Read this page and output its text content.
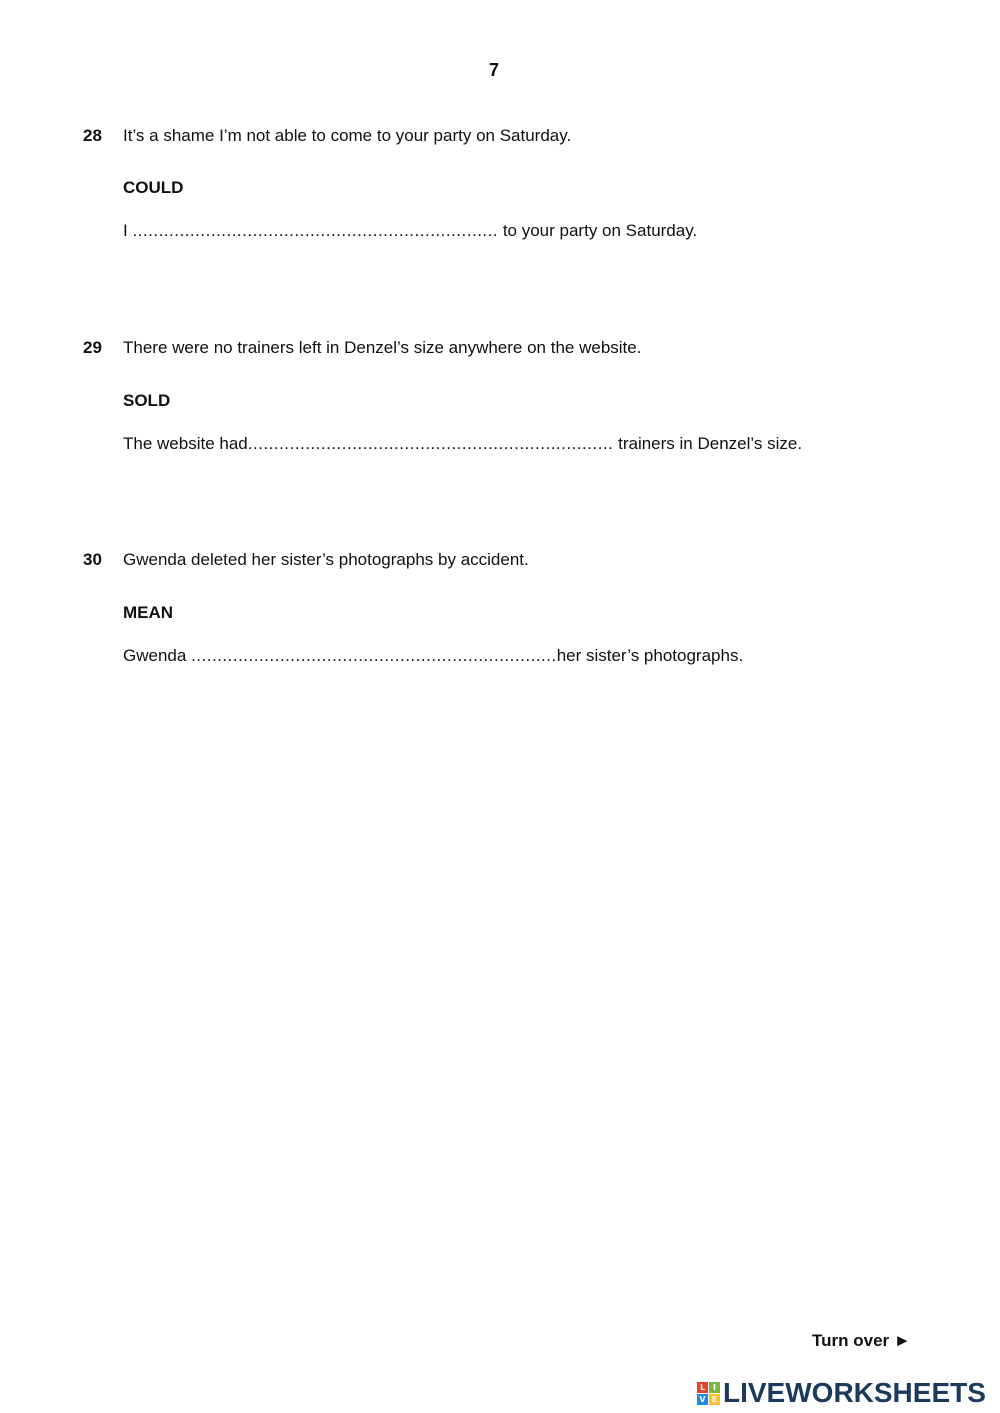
7
28 It’s a shame I’m not able to come to your party on Saturday.
COULD
I ...................................................................... to your party on Saturday.
29 There were no trainers left in Denzel’s size anywhere on the website.
SOLD
The website had...................................................................... trainers in Denzel’s size.
30 Gwenda deleted her sister’s photographs by accident.
MEAN
Gwenda ......................................................................her sister’s photographs.
Turn over ►
L I
V E LIVEWORKSHEETS
